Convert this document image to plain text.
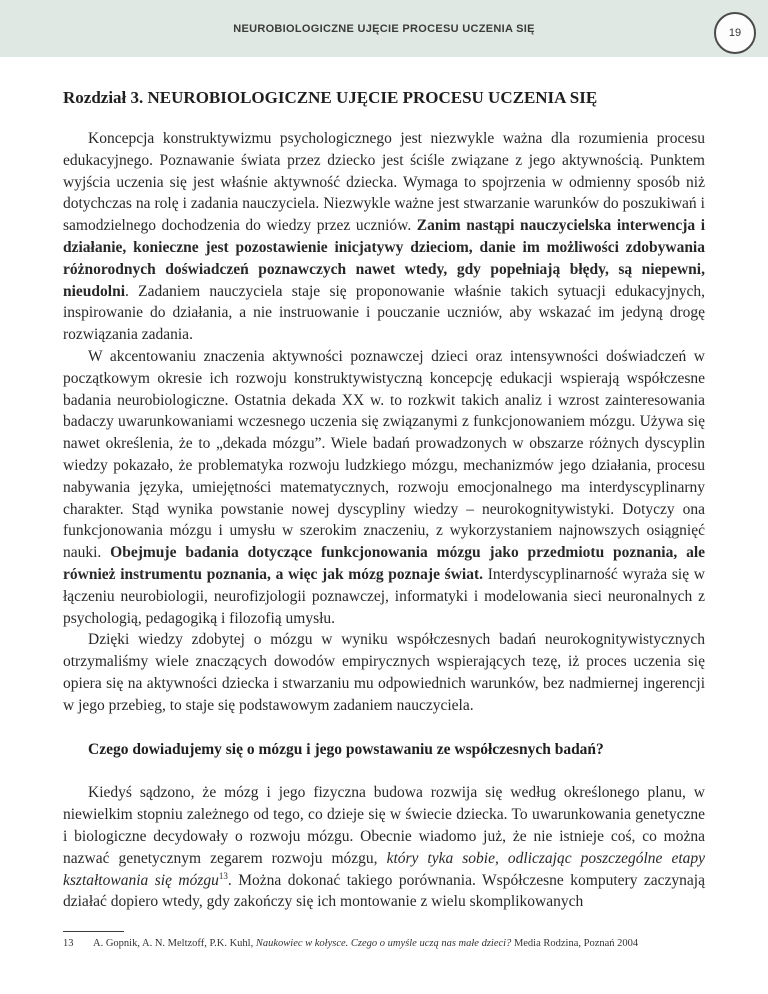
NEUROBIOLOGICZNE UJĘCIE PROCESU UCZENIA SIĘ	19
Rozdział 3. NEUROBIOLOGICZNE UJĘCIE PROCESU UCZENIA SIĘ

Koncepcja konstruktywizmu psychologicznego jest niezwykle ważna dla rozumienia procesu edukacyjnego. Poznawanie świata przez dziecko jest ściśle związane z jego aktywnością. Punktem wyjścia uczenia się jest właśnie aktywność dziecka. Wymaga to spojrzenia w odmienny sposób niż dotychczas na rolę i zadania nauczyciela. Niezwykle ważne jest stwarzanie warunków do poszukiwań i samodzielnego dochodzenia do wiedzy przez uczniów. Zanim nastąpi nauczycielska interwencja i działanie, konieczne jest pozostawienie inicjatywy dzieciom, danie im możliwości zdobywania różnorodnych doświadczeń poznawczych nawet wtedy, gdy popełniają błędy, są niepewni, nieudolni. Zadaniem nauczyciela staje się proponowanie właśnie takich sytuacji edukacyjnych, inspirowanie do działania, a nie instruowanie i pouczanie uczniów, aby wskazać im jedyną drogę rozwiązania zadania.

W akcentowaniu znaczenia aktywności poznawczej dzieci oraz intensywności doświadczeń w początkowym okresie ich rozwoju konstruktywistyczną koncepcję edukacji wspierają współczesne badania neurobiologiczne. Ostatnia dekada XX w. to rozkwit takich analiz i wzrost zainteresowania badaczy uwarunkowaniami wczesnego uczenia się związanymi z funkcjonowaniem mózgu. Używa się nawet określenia, że to „dekada mózgu”. Wiele badań prowadzonych w obszarze różnych dyscyplin wiedzy pokazało, że problematyka rozwoju ludzkiego mózgu, mechanizmów jego działania, procesu nabywania języka, umiejętności matematycznych, rozwoju emocjonalnego ma interdyscyplinarny charakter. Stąd wynika powstanie nowej dyscypliny wiedzy – neurokognitywistyki. Dotyczy ona funkcjonowania mózgu i umysłu w szerokim znaczeniu, z wykorzystaniem najnowszych osiągnięć nauki. Obejmuje badania dotyczące funkcjonowania mózgu jako przedmiotu poznania, ale również instrumentu poznania, a więc jak mózg poznaje świat. Interdyscyplinarność wyraża się w łączeniu neurobiologii, neurofizjologii poznawczej, informatyki i modelowania sieci neuronalnych z psychologią, pedagogiką i filozofią umysłu.

Dzięki wiedzy zdobytej o mózgu w wyniku współczesnych badań neurokognitywistycznych otrzymaliśmy wiele znaczących dowodów empirycznych wspierających tezę, iż proces uczenia się opiera się na aktywności dziecka i stwarzaniu mu odpowiednich warunków, bez nadmiernej ingerencji w jego przebieg, to staje się podstawowym zadaniem nauczyciela.

Czego dowiadujemy się o mózgu i jego powstawaniu ze współczesnych badań?

Kiedyś sądzono, że mózg i jego fizyczna budowa rozwija się według określonego planu, w niewielkim stopniu zależnego od tego, co dzieje się w świecie dziecka. To uwarunkowania genetyczne i biologiczne decydowały o rozwoju mózgu. Obecnie wiadomo już, że nie istnieje coś, co można nazwać genetycznym zegarem rozwoju mózgu, który tyka sobie, odliczając poszczególne etapy kształtowania się mózgu$^{13}$. Można dokonać takiego porównania. Współczesne komputery zaczynają działać dopiero wtedy, gdy zakończy się ich montowanie z wielu skomplikowanych

13	A. Gopnik, A. N. Meltzoff, P.K. Kuhl, Naukowiec w kołysce. Czego o umyśle uczą nas małe dzieci? Media Rodzina, Poznań 2004
